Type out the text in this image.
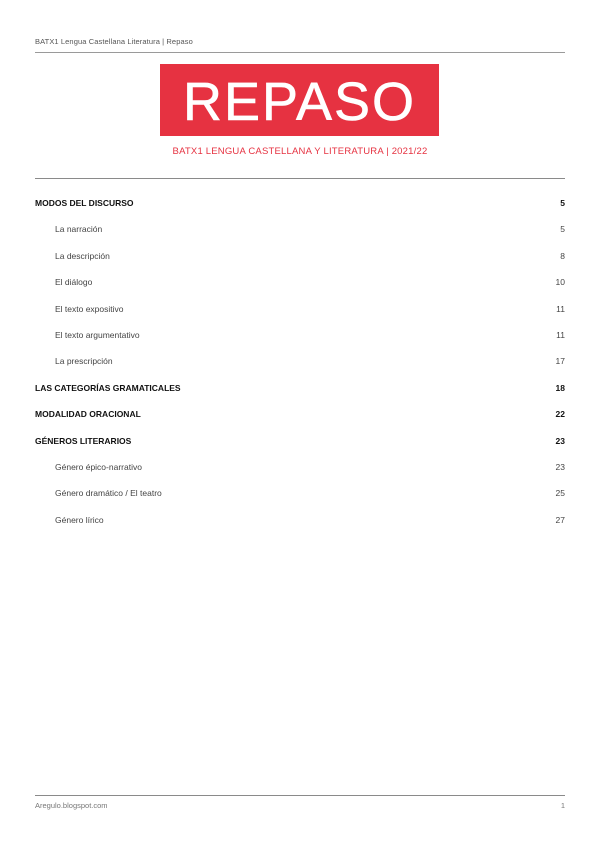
BATX1 Lengua Castellana Literatura | Repaso
REPASO
BATX1 LENGUA CASTELLANA Y LITERATURA | 2021/22
MODOS DEL DISCURSO	5
La narración	5
La descripción	8
El diálogo	10
El texto expositivo	11
El texto argumentativo	11
La prescripción	17
LAS CATEGORÍAS GRAMATICALES	18
MODALIDAD ORACIONAL	22
GÉNEROS LITERARIOS	23
Género épico-narrativo	23
Género dramático / El teatro	25
Género lírico	27
Aregulo.blogspot.com	1
